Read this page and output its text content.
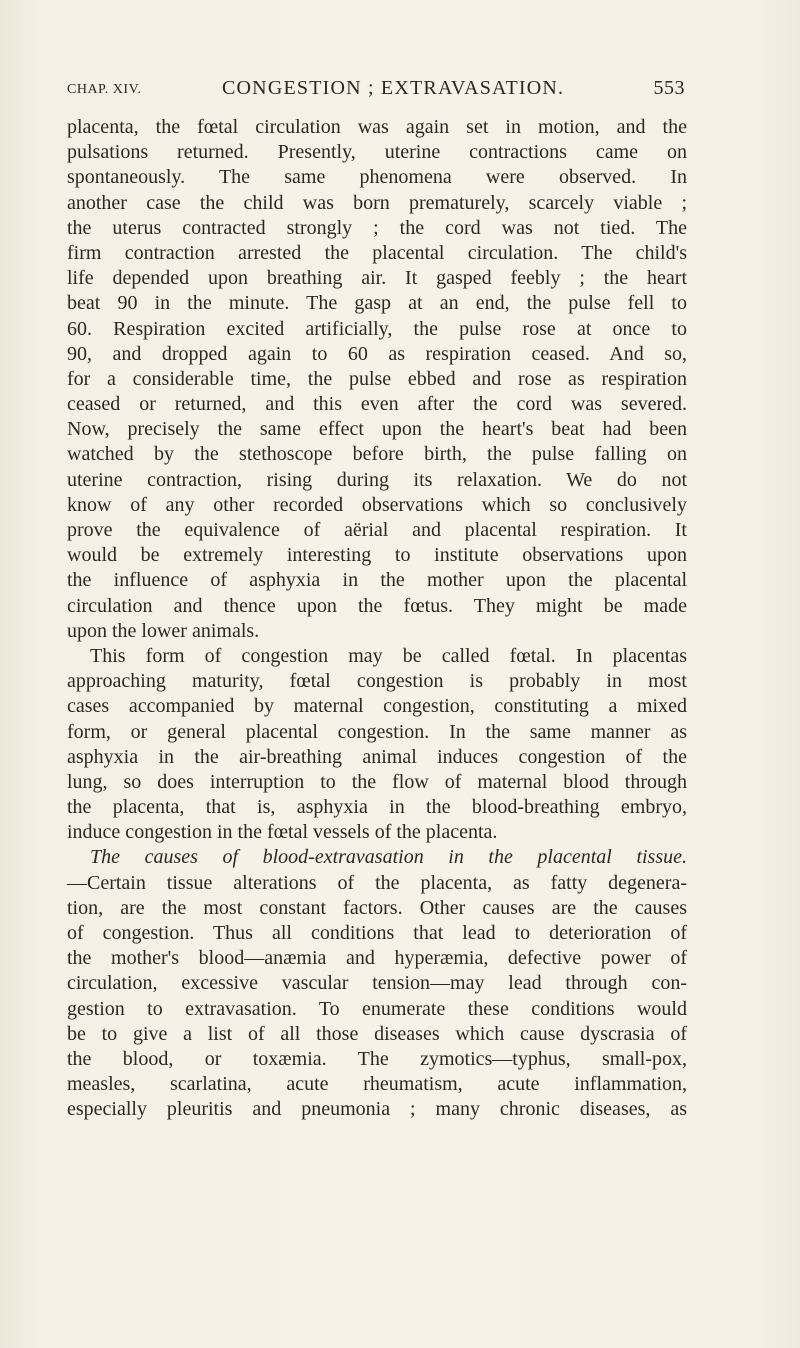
CHAP. XIV.	CONGESTION ; EXTRAVASATION.	553
placenta, the fœtal circulation was again set in motion, and the
pulsations returned. Presently, uterine contractions came on
spontaneously. The same phenomena were observed. In
another case the child was born prematurely, scarcely viable ;
the uterus contracted strongly ; the cord was not tied. The
firm contraction arrested the placental circulation. The child's
life depended upon breathing air. It gasped feebly ; the heart
beat 90 in the minute. The gasp at an end, the pulse fell to
60. Respiration excited artificially, the pulse rose at once to
90, and dropped again to 60 as respiration ceased. And so,
for a considerable time, the pulse ebbed and rose as respiration
ceased or returned, and this even after the cord was severed.
Now, precisely the same effect upon the heart's beat had been
watched by the stethoscope before birth, the pulse falling on
uterine contraction, rising during its relaxation. We do not
know of any other recorded observations which so conclusively
prove the equivalence of aërial and placental respiration. It
would be extremely interesting to institute observations upon
the influence of asphyxia in the mother upon the placental
circulation and thence upon the fœtus. They might be made
upon the lower animals.
This form of congestion may be called fœtal. In placentas
approaching maturity, fœtal congestion is probably in most
cases accompanied by maternal congestion, constituting a mixed
form, or general placental congestion. In the same manner as
asphyxia in the air-breathing animal induces congestion of the
lung, so does interruption to the flow of maternal blood through
the placenta, that is, asphyxia in the blood-breathing embryo,
induce congestion in the fœtal vessels of the placenta.
The causes of blood-extravasation in the placental tissue.
—Certain tissue alterations of the placenta, as fatty degenera-
tion, are the most constant factors. Other causes are the causes
of congestion. Thus all conditions that lead to deterioration of
the mother's blood—anæmia and hyperæmia, defective power of
circulation, excessive vascular tension—may lead through con-
gestion to extravasation. To enumerate these conditions would
be to give a list of all those diseases which cause dyscrasia of
the blood, or toxæmia. The zymotics—typhus, small-pox,
measles, scarlatina, acute rheumatism, acute inflammation,
especially pleuritis and pneumonia ; many chronic diseases, as
